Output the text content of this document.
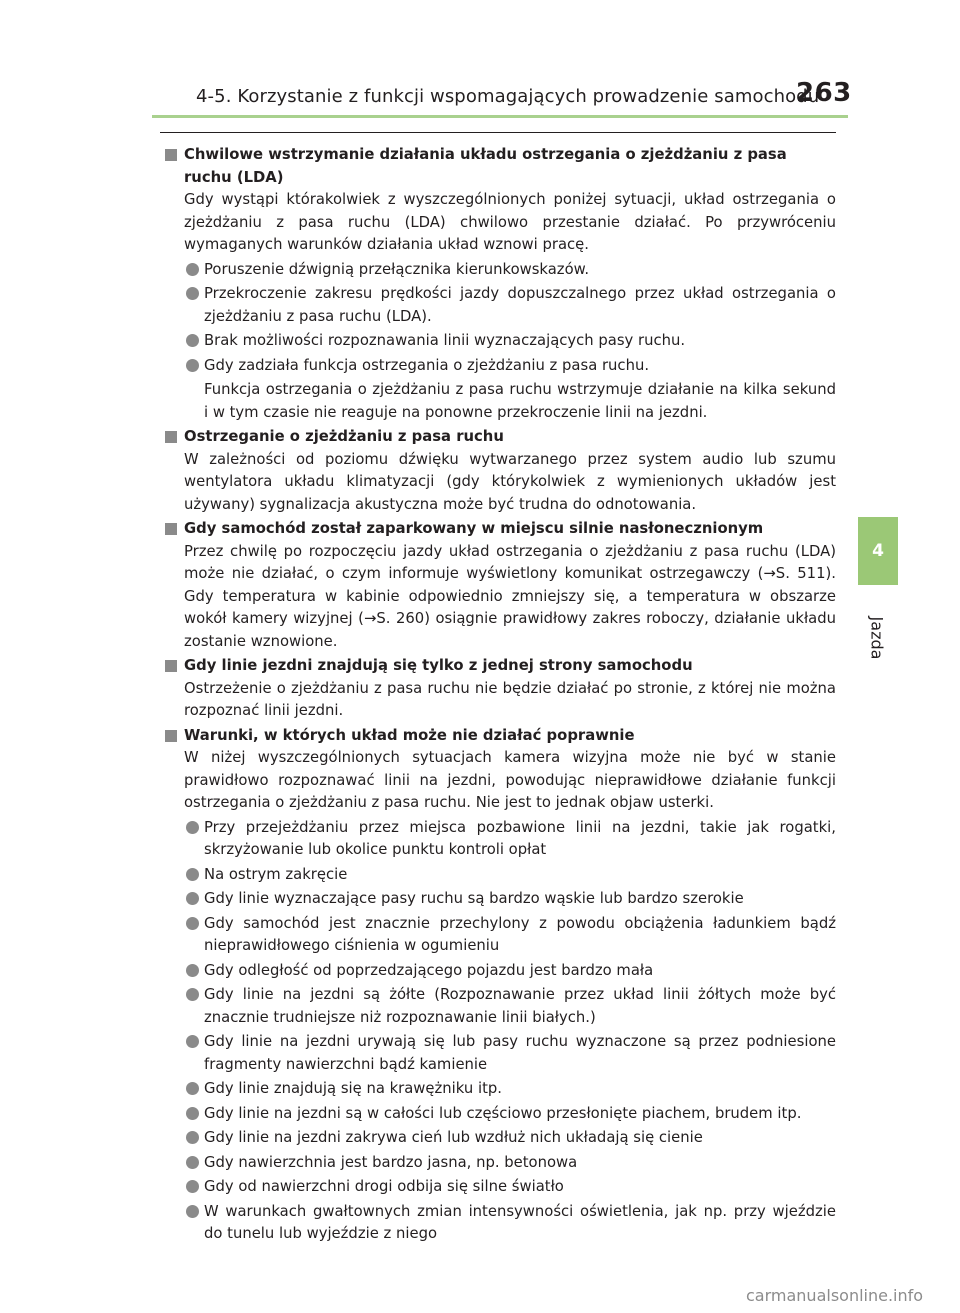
4-5. Korzystanie z funkcji wspomagających prowadzenie samochodu
263
4
Jazda
Chwilowe wstrzymanie działania układu ostrzegania o zjeżdżaniu z pasa ruchu (LDA)
Gdy wystąpi którakolwiek z wyszczególnionych poniżej sytuacji, układ ostrzegania o zjeżdżaniu z pasa ruchu (LDA) chwilowo przestanie działać. Po przywróceniu wymaganych warunków działania układ wznowi pracę.
Poruszenie dźwignią przełącznika kierunkowskazów.
Przekroczenie zakresu prędkości jazdy dopuszczalnego przez układ ostrzegania o zjeżdżaniu z pasa ruchu (LDA).
Brak możliwości rozpoznawania linii wyznaczających pasy ruchu.
Gdy zadziała funkcja ostrzegania o zjeżdżaniu z pasa ruchu.
Funkcja ostrzegania o zjeżdżaniu z pasa ruchu wstrzymuje działanie na kilka sekund i w tym czasie nie reaguje na ponowne przekroczenie linii na jezdni.
Ostrzeganie o zjeżdżaniu z pasa ruchu
W zależności od poziomu dźwięku wytwarzanego przez system audio lub szumu wentylatora układu klimatyzacji (gdy którykolwiek z wymienionych układów jest używany) sygnalizacja akustyczna może być trudna do odnotowania.
Gdy samochód został zaparkowany w miejscu silnie nasłonecznionym
Przez chwilę po rozpoczęciu jazdy układ ostrzegania o zjeżdżaniu z pasa ruchu (LDA) może nie działać, o czym informuje wyświetlony komunikat ostrzegawczy (→S. 511). Gdy temperatura w kabinie odpowiednio zmniejszy się, a temperatura w obszarze wokół kamery wizyjnej (→S. 260) osiągnie prawidłowy zakres roboczy, działanie układu zostanie wznowione.
Gdy linie jezdni znajdują się tylko z jednej strony samochodu
Ostrzeżenie o zjeżdżaniu z pasa ruchu nie będzie działać po stronie, z której nie można rozpoznać linii jezdni.
Warunki, w których układ może nie działać poprawnie
W niżej wyszczególnionych sytuacjach kamera wizyjna może nie być w stanie prawidłowo rozpoznawać linii na jezdni, powodując nieprawidłowe działanie funkcji ostrzegania o zjeżdżaniu z pasa ruchu. Nie jest to jednak objaw usterki.
Przy przejeżdżaniu przez miejsca pozbawione linii na jezdni, takie jak rogatki, skrzyżowanie lub okolice punktu kontroli opłat
Na ostrym zakręcie
Gdy linie wyznaczające pasy ruchu są bardzo wąskie lub bardzo szerokie
Gdy samochód jest znacznie przechylony z powodu obciążenia ładunkiem bądź nieprawidłowego ciśnienia w ogumieniu
Gdy odległość od poprzedzającego pojazdu jest bardzo mała
Gdy linie na jezdni są żółte (Rozpoznawanie przez układ linii żółtych może być znacznie trudniejsze niż rozpoznawanie linii białych.)
Gdy linie na jezdni urywają się lub pasy ruchu wyznaczone są przez podniesione fragmenty nawierzchni bądź kamienie
Gdy linie znajdują się na krawężniku itp.
Gdy linie na jezdni są w całości lub częściowo przesłonięte piachem, brudem itp.
Gdy linie na jezdni zakrywa cień lub wzdłuż nich układają się cienie
Gdy nawierzchnia jest bardzo jasna, np. betonowa
Gdy od nawierzchni drogi odbija się silne światło
W warunkach gwałtownych zmian intensywności oświetlenia, jak np. przy wjeździe do tunelu lub wyjeździe z niego
carmanualsonline.info
